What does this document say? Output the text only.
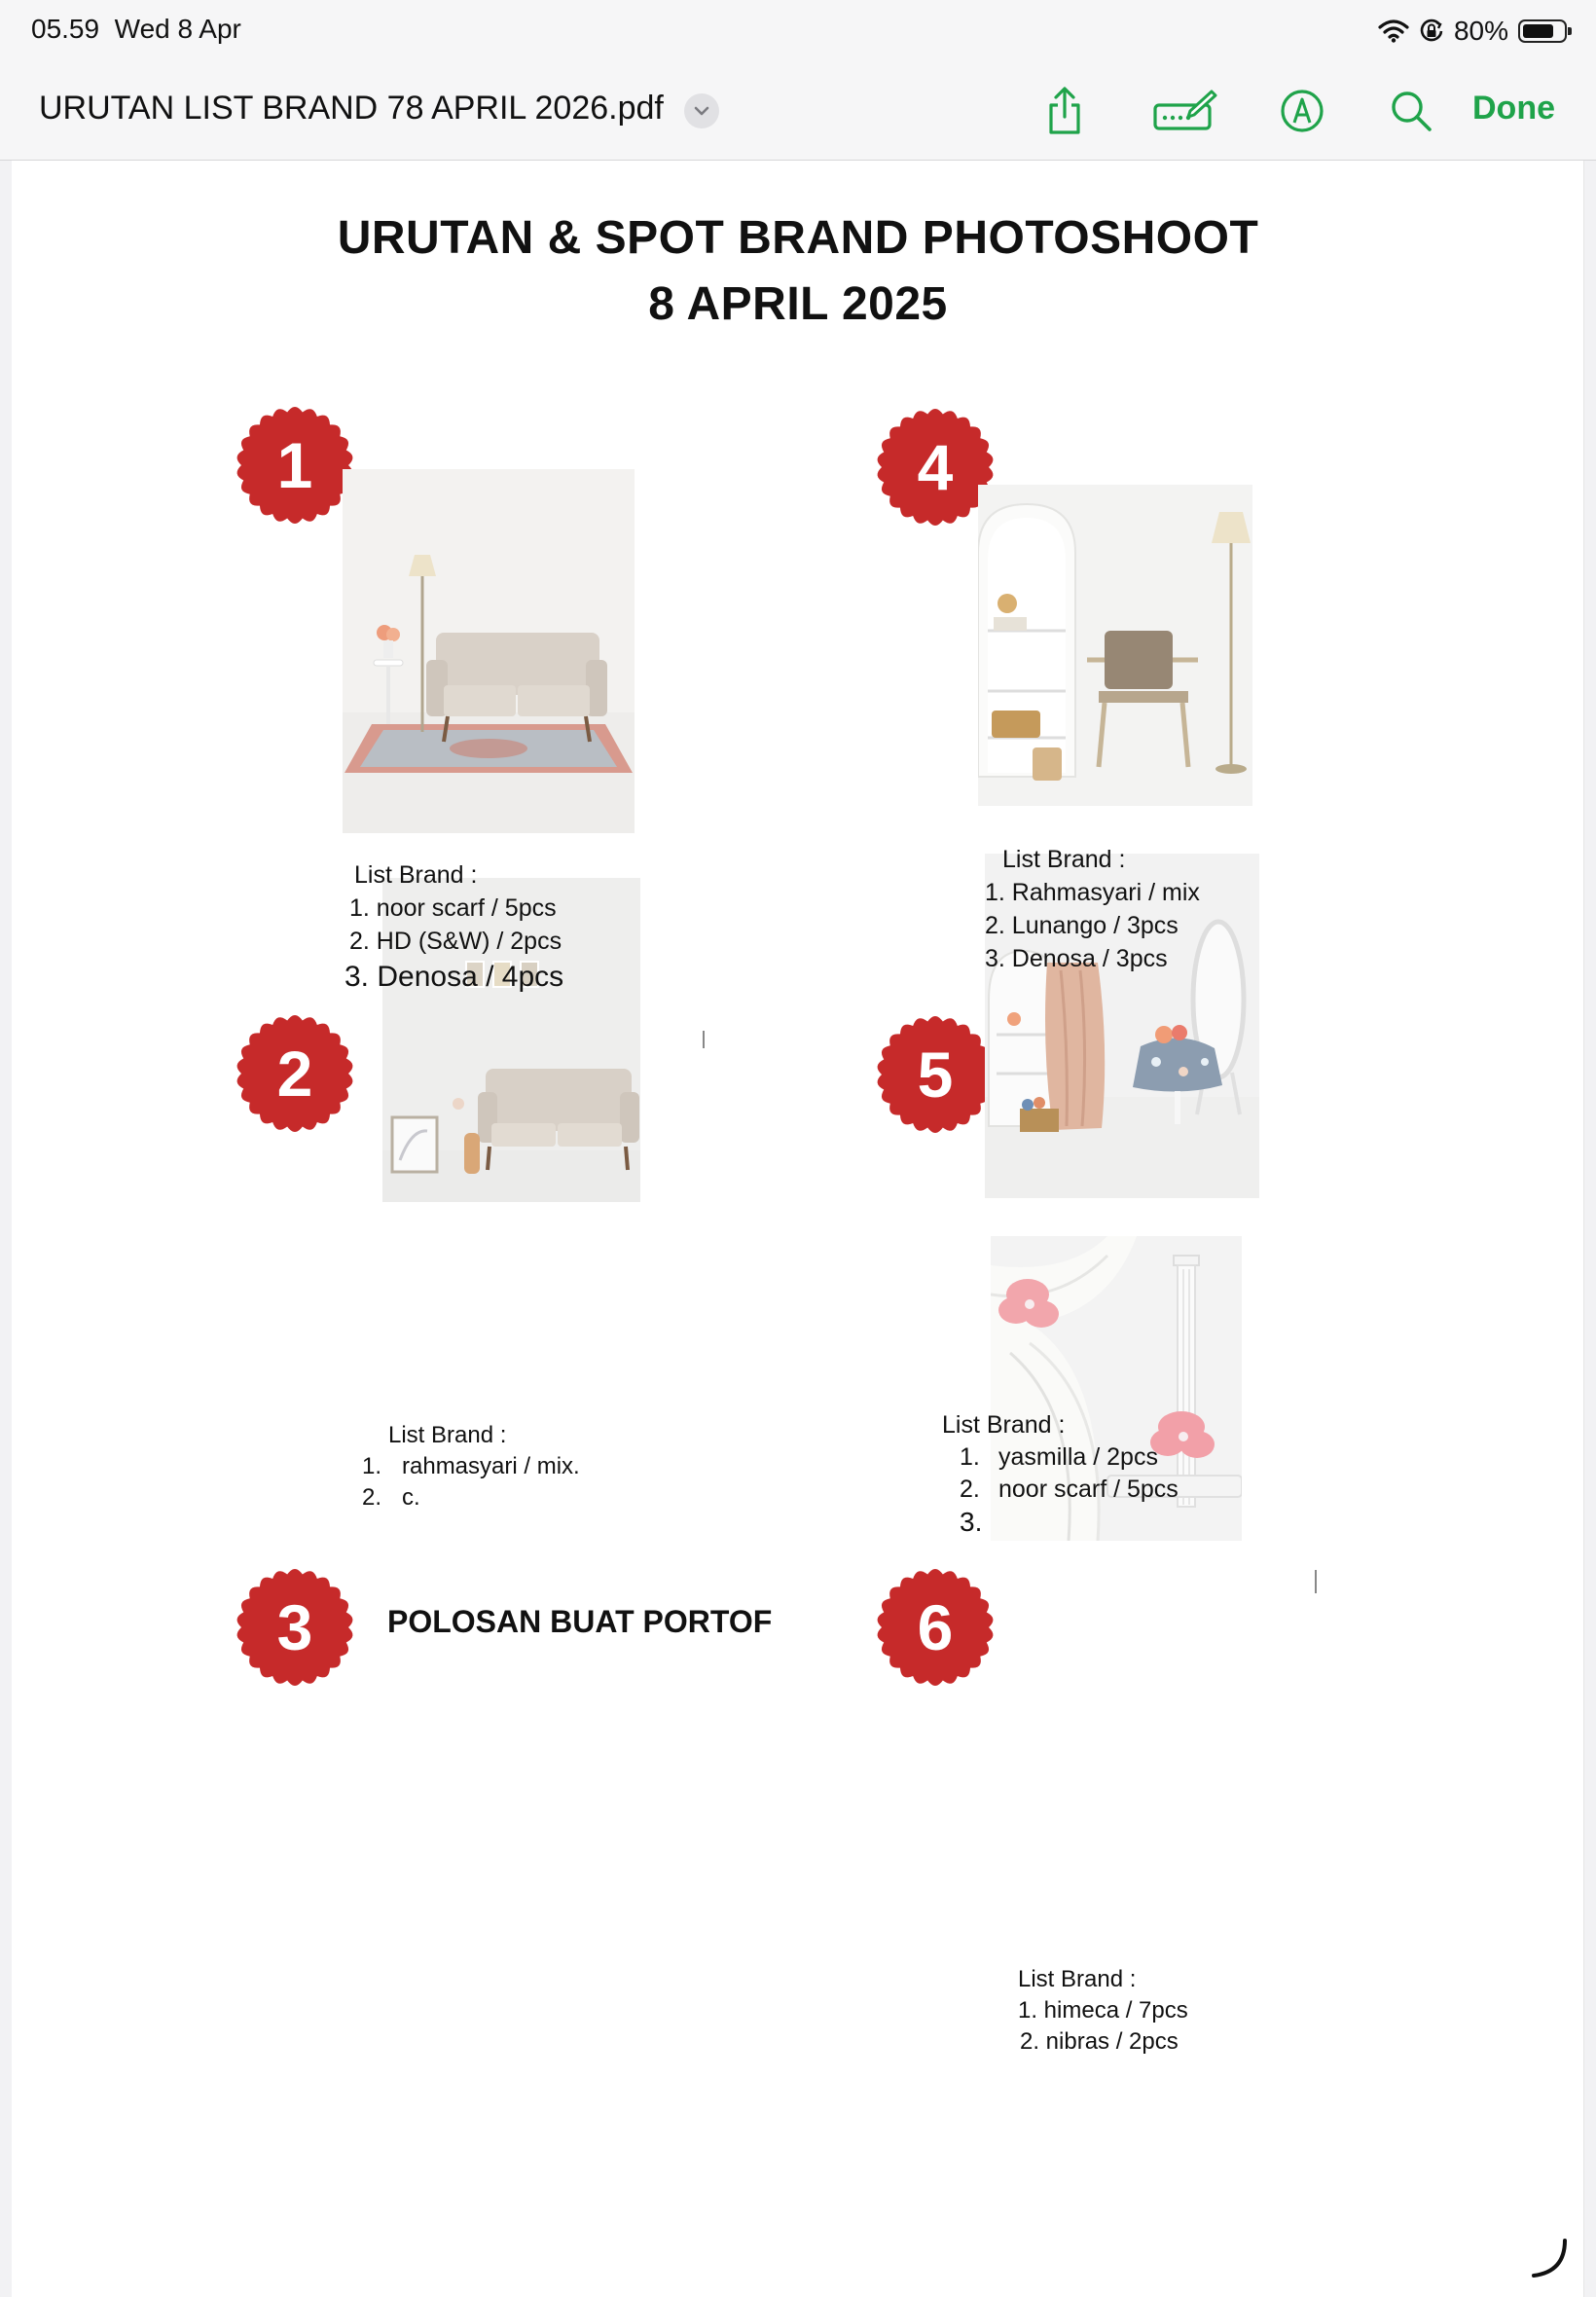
05.59 Wed 8 Apr	80%
URUTAN LIST BRAND 78 APRIL 2026.pdf	Done
URUTAN & SPOT BRAND PHOTOSHOOT
8 APRIL 2025
1
2
3
4
5
6
List Brand :
1. noor scarf / 5pcs
2. HD (S&W) / 2pcs
3. Denosa / 4pcs
List Brand :
1. Rahmasyari / mix
2. Lunango / 3pcs
3. Denosa / 3pcs
List Brand :
1. rahmasyari / mix.
2. c.
List Brand :
1. yasmilla / 2pcs
2. noor scarf / 5pcs
3.
POLOSAN BUAT PORTOF
List Brand :
1. himeca / 7pcs
2. nibras / 2pcs
